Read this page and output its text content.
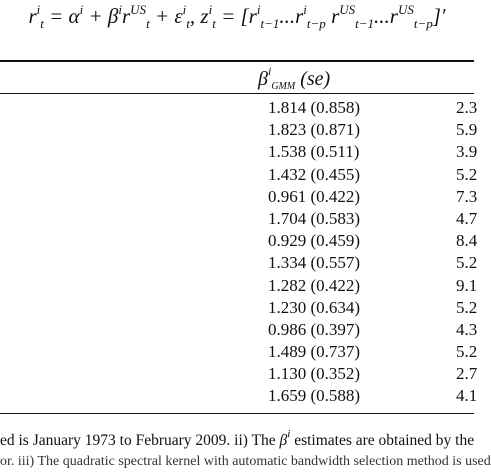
$r^i_t = \alpha^i + \beta^ir^{US}_t + \varepsilon^i_t$, $z^i_t = [r^i_{t-1}...r^i_{t-p}$ $r^{US}_{t-1}...r^{US}_{t-p}]'$
$\beta^i_{GMM}$ (se)
1.814 (0.858)	2.3
1.823 (0.871)	5.9
1.538 (0.511)	3.9
1.432 (0.455)	5.2
0.961 (0.422)	7.3
1.704 (0.583)	4.7
0.929 (0.459)	8.4
1.334 (0.557)	5.2
1.282 (0.422)	9.1
1.230 (0.634)	5.2
0.986 (0.397)	4.3
1.489 (0.737)	5.2
1.130 (0.352)	2.7
1.659 (0.588)	4.1
ed is January 1973 to February 2009. ii) The $\beta^i$ estimates are obtained by the
or. iii) The quadratic spectral kernel with automatic bandwidth selection method is used
